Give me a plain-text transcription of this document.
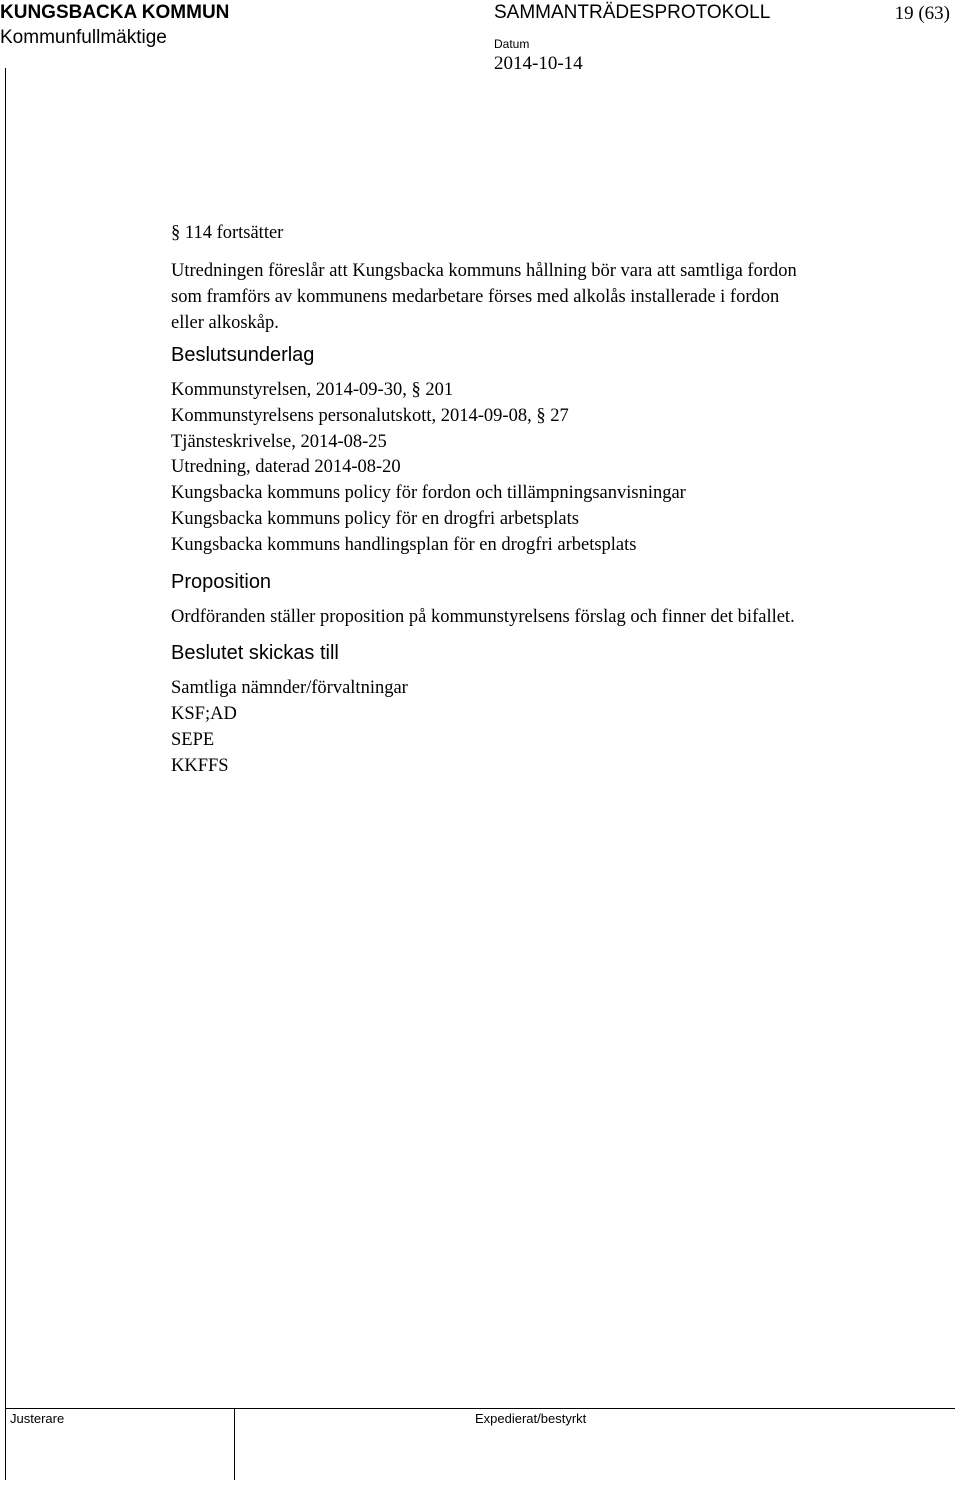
KUNGSBACKA KOMMUN
Kommunfullmäktige
SAMMANTRÄDESPROTOKOLL	19 (63)
Datum
2014-10-14

§ 114 fortsätter

Utredningen föreslår att Kungsbacka kommuns hållning bör vara att samtliga fordon

som framförs av kommunens medarbetare förses med alkolås installerade i fordon

eller alkoskåp.

Beslutsunderlag

Kommunstyrelsen, 2014-09-30, § 201

Kommunstyrelsens personalutskott, 2014-09-08, § 27

Tjänsteskrivelse, 2014-08-25

Utredning, daterad 2014-08-20

Kungsbacka kommuns policy för fordon och tillämpningsanvisningar

Kungsbacka kommuns policy för en drogfri arbetsplats

Kungsbacka kommuns handlingsplan för en drogfri arbetsplats

Proposition

Ordföranden ställer proposition på kommunstyrelsens förslag och finner det bifallet.

Beslutet skickas till

Samtliga nämnder/förvaltningar

KSF;AD

SEPE

KKFFS

Justerare	Expedierat/bestyrkt
